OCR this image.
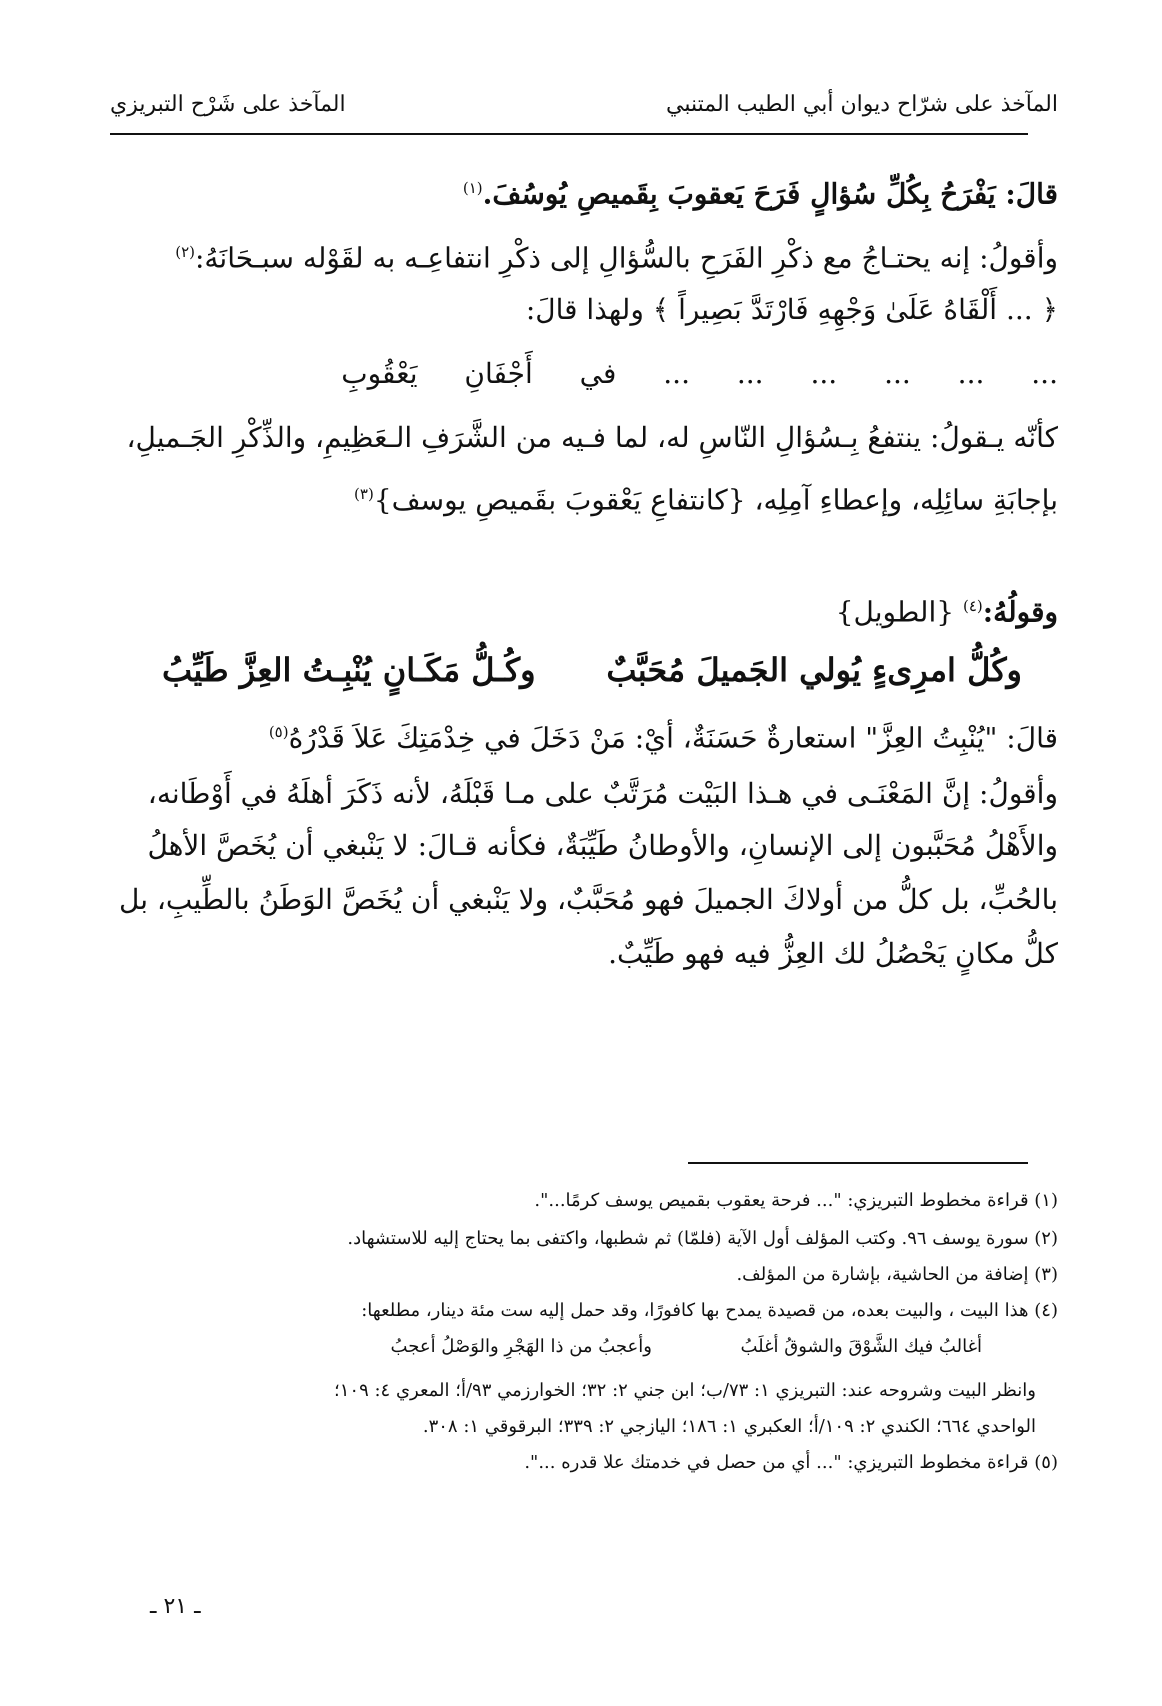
المآخذ على شرّاح ديوان أبي الطيب المتنبي
المآخذ على شَرْح التبريزي
قالَ: يَفْرَحُ بِكُلِّ سُؤالٍ فَرَحَ يَعقوبَ بِقَميصِ يُوسُفَ.$^{(١)}$
وأقولُ: إنه يحتـاجُ مع ذكْرِ الفَرَحِ بالسُّؤالِ إلى ذكْرِ انتفاعِـه به لقَوْله سبـحَانَهُ:$^{(٢)}$
﴿ ... أَلْقَاهُ عَلَىٰ وَجْهِهِ فَارْتَدَّ بَصِيراً ﴾ ولهذا قالَ:
... ... ... ... ... ... في أَجْفَانِ يَعْقُوبِ
كأنّه يـقولُ: ينتفعُ بِـسُؤالِ النّاسِ له، لما فـيه من الشَّرَفِ الـعَظِيمِ، والذِّكْرِ الجَـميلِ،
بإجابَةِ سائِلِه، وإعطاءِ آمِلِه، {كانتفاعِ يَعْقوبَ بقَميصِ يوسف}$^{(٣)}$
وقولُهُ:$^{(٤)}$ {الطويل}
وكُلُّ امرِىءٍ يُولي الجَميلَ مُحَبَّبٌ
وكُـلُّ مَكَـانٍ يُنْبِـتُ العِزَّ طَيِّبُ
قالَ: "يُنْبِتُ العِزَّ" استعارةٌ حَسَنَةٌ، أيْ: مَنْ دَخَلَ في خِدْمَتِكَ عَلاَ قَدْرُهُ$^{(٥)}$
وأقولُ: إنَّ المَعْنَـى في هـذا البَيْت مُرَتَّبٌ على مـا قَبْلَهُ، لأنه ذَكَرَ أهلَهُ في أَوْطَانه،
والأَهْلُ مُحَبَّبون إلى الإنسانِ، والأوطانُ طَيِّبَةٌ، فكأنه قـالَ: لا يَنْبغي أن يُخَصَّ الأهلُ
بالحُبِّ، بل كلُّ من أولاكَ الجميلَ فهو مُحَبَّبٌ، ولا يَنْبغي أن يُخَصَّ الوَطَنُ بالطِّيبِ، بل
كلُّ مكانٍ يَحْصُلُ لك العِزُّ فيه فهو طَيِّبٌ.
(١) قراءة مخطوط التبريزي: "... فرحة يعقوب بقميص يوسف كرمًا...".
(٢) سورة يوسف ٩٦. وكتب المؤلف أول الآية (فلمّا) ثم شطبها، واكتفى بما يحتاج إليه للاستشهاد.
(٣) إضافة من الحاشية، بإشارة من المؤلف.
(٤) هذا البيت ، والبيت بعده، من قصيدة يمدح بها كافورًا، وقد حمل إليه ست مئة دينار، مطلعها:
أغالبُ فيك الشَّوْقَ والشوقُ أغلَبُ
وأعجبُ من ذا الهَجْرِ والوَصْلُ أعجبُ
وانظر البيت وشروحه عند: التبريزي ١: ٧٣/ب؛ ابن جني ٢: ٣٢؛ الخوارزمي ٩٣/أ؛ المعري ٤: ١٠٩؛
الواحدي ٦٦٤؛ الكندي ٢: ١٠٩/أ؛ العكبري ١: ١٨٦؛ اليازجي ٢: ٣٣٩؛ البرقوقي ١: ٣٠٨.
(٥) قراءة مخطوط التبريزي: "... أي من حصل في خدمتك علا قدره ...".
ـ ٢١ ـ
